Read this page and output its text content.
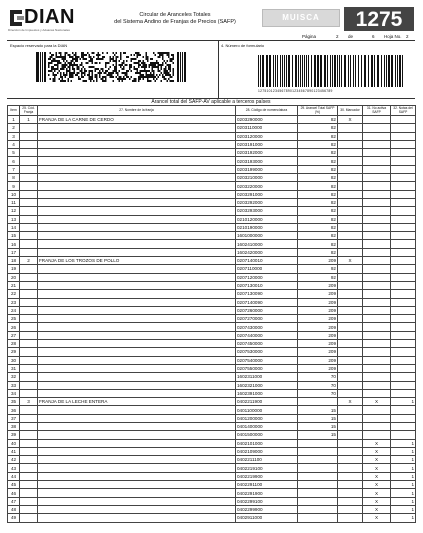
DIAN
Dirección de Impuestos y Aduanas Nacionales
Circular de Aranceles Totales
del Sistema Andino de Franjas de Precios (SAFP)	MUISCA	1275
Página	2 de	6 Hoja No. 2
Espacio reservado para la DIAN	4. Número de formulario
12751012345678901234567890123456789
Arancel total del SAFP-AV aplicable a terceros países
Item	25. Cód. Franja	27. Nombre de la franja	28. Código de nomenclatura	29. Arancel Total SAFP (%)	30. Marcador	31. No activa SAFP	32. Notas del SAFP
1	1	FRANJA DE LA CARNE DE CERDO	0203290000	82	X		
2			0203110000	82			
3			0203120000	82			
4			0203191000	82			
5			0203192000	82			
6			0203193000	82			
7			0203199000	82			
8			0203210000	82			
9			0203220000	82			
10			0203291000	82			
11			0203292000	82			
12			0203293000	82			
13			0210120000	82			
14			0210190000	82			
15			1601000000	82			
16			1602410000	82			
17			1602420000	82			
18	2	FRANJA DE LOS TROZOS DE POLLO	0207140010	209	X		
19			0207110000	92			
20			0207120000	92			
21			0207130010	209			
22			0207130090	209			
23			0207140090	209			
24			0207260000	209			
25			0207270000	209			
26			0207430000	209			
27			0207440000	209			
28			0207450000	209			
29			0207530000	209			
30			0207540000	209			
31			0207550000	209			
32			1602311000	70			
33			1602321000	70			
34			1602391000	70			
35	3	FRANJA DE LA LECHE ENTERA	0402211900		X	X	1
36			0401100000	15			
37			0401200000	15			
38			0401400000	15			
39			0401500000	15			
40			0402101000			X	1
41			0402109000			X	1
42			0402211100			X	1
43			0402219100			X	1
44			0402219900			X	1
45			0402291100			X	1
46			0402291900			X	1
47			0402299100			X	1
48			0402299900			X	1
49			0402911000			X	1
